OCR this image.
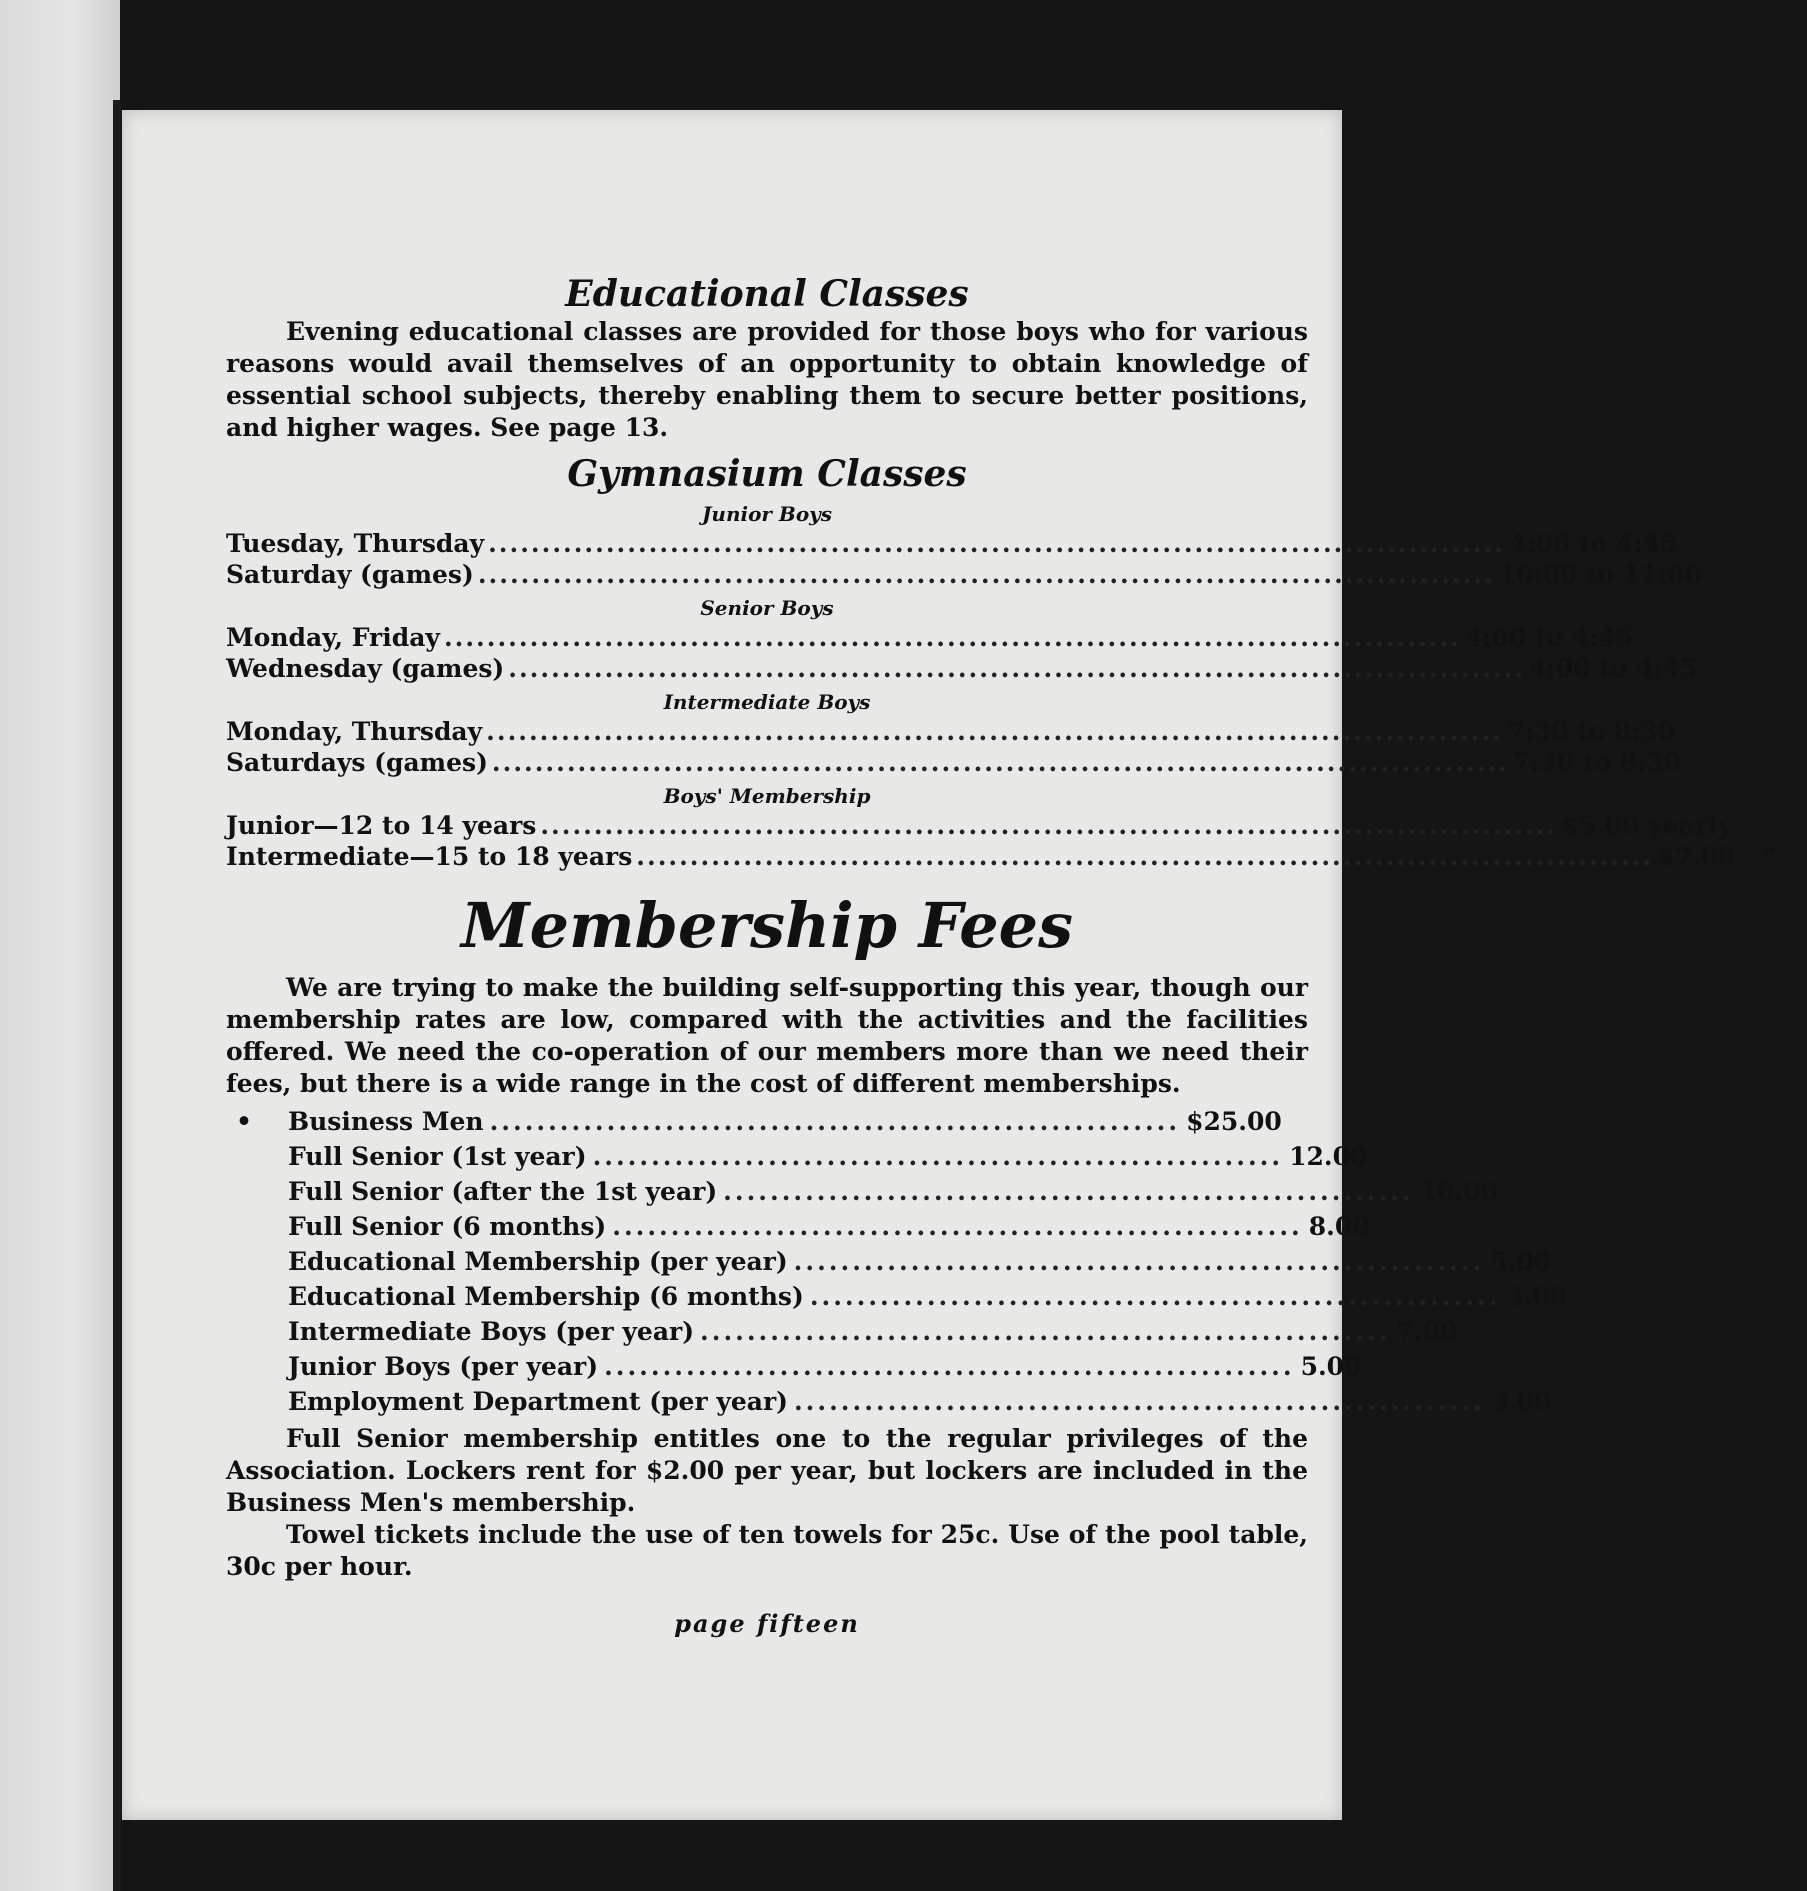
Educational Classes

Evening educational classes are provided for those boys who for various reasons would avail themselves of an opportunity to obtain knowledge of essential school subjects, thereby enabling them to secure better positions, and higher wages. See page 13.

Gymnasium Classes
Junior Boys
Tuesday, Thursday ............................................................................................... 4:00 to 4:45
Saturday (games) ............................................................................................... 10:00 to 11:00
Senior Boys
Monday, Friday ............................................................................................... 4:00 to 4:45
Wednesday (games) ............................................................................................... 4:00 to 4:45
Intermediate Boys
Monday, Thursday ............................................................................................... 7:30 to 8:30
Saturdays (games) ............................................................................................... 7:30 to 8:30
Boys' Membership
Junior—12 to 14 years ............................................................................................... $5.00 yearly
Intermediate—15 to 18 years ............................................................................................... $7.00   “
Membership Fees

We are trying to make the building self-supporting this year, though our membership rates are low, compared with the activities and the facilities offered. We need the co-operation of our members more than we need their fees, but there is a wide range in the cost of different memberships.

• Business Men ........................................................... $25.00
Full Senior (1st year) ........................................................... 12.00
Full Senior (after the 1st year) ........................................................... 10.00
Full Senior (6 months) ........................................................... 8.00
Educational Membership (per year) ........................................................... 5.00
Educational Membership (6 months) ........................................................... 3.00
Intermediate Boys (per year) ........................................................... 7.00
Junior Boys (per year) ........................................................... 5.00
Employment Department (per year) ........................................................... 3.00

Full Senior membership entitles one to the regular privileges of the Association. Lockers rent for $2.00 per year, but lockers are included in the Business Men's membership.

Towel tickets include the use of ten towels for 25c. Use of the pool table, 30c per hour.

page fifteen
